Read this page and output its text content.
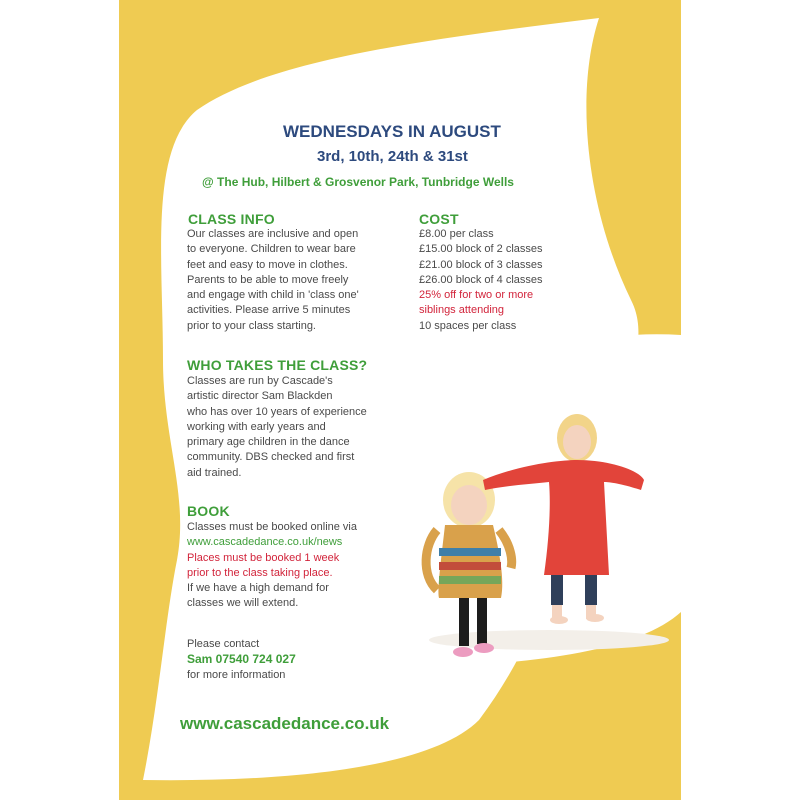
WEDNESDAYS IN AUGUST
3rd, 10th, 24th & 31st
@ The Hub, Hilbert & Grosvenor Park, Tunbridge Wells
CLASS INFO
Our classes are inclusive and open
to everyone. Children to wear bare
feet and easy to move in clothes.
Parents to be able to move freely
and engage with child in 'class one'
activities. Please arrive 5 minutes
prior to your class starting.
COST
£8.00 per class
£15.00 block of 2 classes
£21.00 block of 3 classes
£26.00 block of 4 classes
25% off for two or more
siblings attending
10 spaces per class
WHO TAKES THE CLASS?
Classes are run by Cascade's
artistic director Sam Blackden
who has over 10 years of experience
working with early years and
primary age children in the dance
community. DBS checked and first
aid trained.
BOOK
Classes must be booked online via
www.cascadedance.co.uk/news
Places must be booked 1 week
prior to the class taking place.
If we have a high demand for
classes we will extend.
Please contact
Sam 07540 724 027
for more information
www.cascadedance.co.uk
